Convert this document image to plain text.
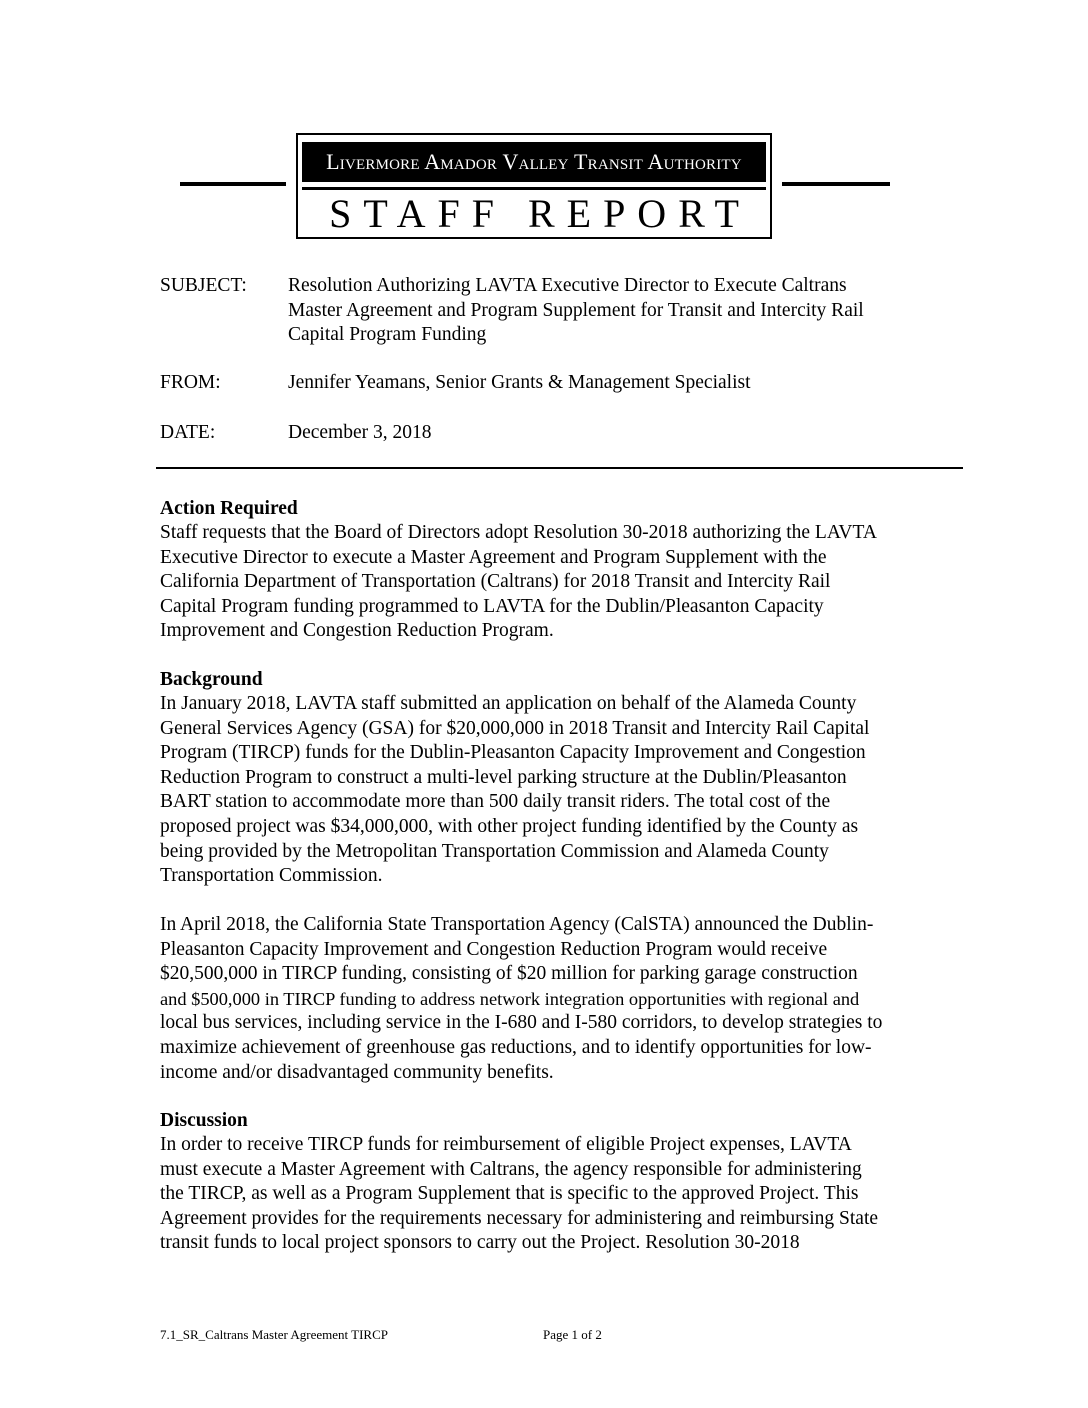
Livermore Amador Valley Transit Authority
STAFF REPORT
SUBJECT: Resolution Authorizing LAVTA Executive Director to Execute Caltrans
Master Agreement and Program Supplement for Transit and Intercity Rail
Capital Program Funding
FROM:	Jennifer Yeamans, Senior Grants & Management Specialist
DATE:	December 3, 2018
Action Required
Staff requests that the Board of Directors adopt Resolution 30-2018 authorizing the LAVTA
Executive Director to execute a Master Agreement and Program Supplement with the
California Department of Transportation (Caltrans) for 2018 Transit and Intercity Rail
Capital Program funding programmed to LAVTA for the Dublin/Pleasanton Capacity
Improvement and Congestion Reduction Program.
Background
In January 2018, LAVTA staff submitted an application on behalf of the Alameda County
General Services Agency (GSA) for $20,000,000 in 2018 Transit and Intercity Rail Capital
Program (TIRCP) funds for the Dublin-Pleasanton Capacity Improvement and Congestion
Reduction Program to construct a multi-level parking structure at the Dublin/Pleasanton
BART station to accommodate more than 500 daily transit riders. The total cost of the
proposed project was $34,000,000, with other project funding identified by the County as
being provided by the Metropolitan Transportation Commission and Alameda County
Transportation Commission.
In April 2018, the California State Transportation Agency (CalSTA) announced the Dublin-
Pleasanton Capacity Improvement and Congestion Reduction Program would receive
$20,500,000 in TIRCP funding, consisting of $20 million for parking garage construction
and $500,000 in TIRCP funding to address network integration opportunities with regional and
local bus services, including service in the I-680 and I-580 corridors, to develop strategies to
maximize achievement of greenhouse gas reductions, and to identify opportunities for low-
income and/or disadvantaged community benefits.
Discussion
In order to receive TIRCP funds for reimbursement of eligible Project expenses, LAVTA
must execute a Master Agreement with Caltrans, the agency responsible for administering
the TIRCP, as well as a Program Supplement that is specific to the approved Project. This
Agreement provides for the requirements necessary for administering and reimbursing State
transit funds to local project sponsors to carry out the Project. Resolution 30-2018
7.1_SR_Caltrans Master Agreement TIRCP	Page 1 of 2
